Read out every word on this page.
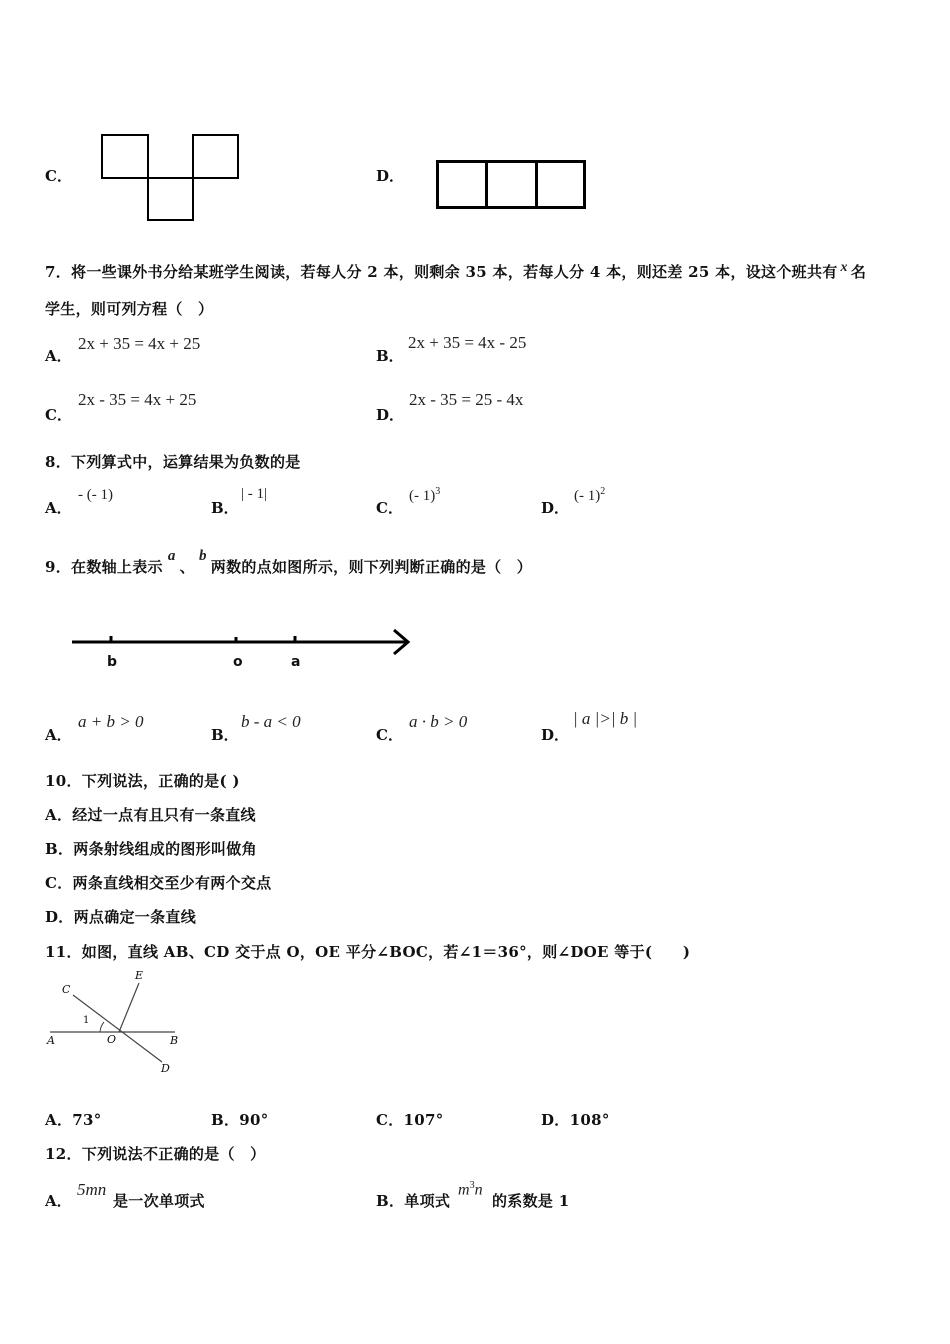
C．	D．
7．将一些课外书分给某班学生阅读，若每人分 2 本，则剩余 35 本，若每人分 4 本，则还差 25 本，设这个班共有 x 名
学生，则可列方程（　）
A．
2x + 35 = 4x + 25
B．
2x + 35 = 4x - 25
C．
2x - 35 = 4x + 25
D．
2x - 35 = 25 - 4x
8．下列算式中，运算结果为负数的是
A．
- (- 1)
B．
| - 1|
C．
(- 1)$^3$
D．
(- 1)$^2$
9．在数轴上表示a、b两数的点如图所示，则下列判断正确的是（　）
b	o	a
A．
a + b > 0
B．
b - a < 0
C．
a · b > 0
D．
| a |>| b |
10．下列说法，正确的是( )
A．经过一点有且只有一条直线
B．两条射线组成的图形叫做角
C．两条直线相交至少有两个交点
D．两点确定一条直线
11．如图，直线 AB、CD 交于点 O，OE 平分∠BOC，若∠1＝36°，则∠DOE 等于(　　)
C
E
1
A	O	B
D
A．73°	B．90°	C．107°	D．108°
12．下列说法不正确的是（　）
A．
5mn
是一次单项式	B．单项式
$m^3n$
的系数是 1
